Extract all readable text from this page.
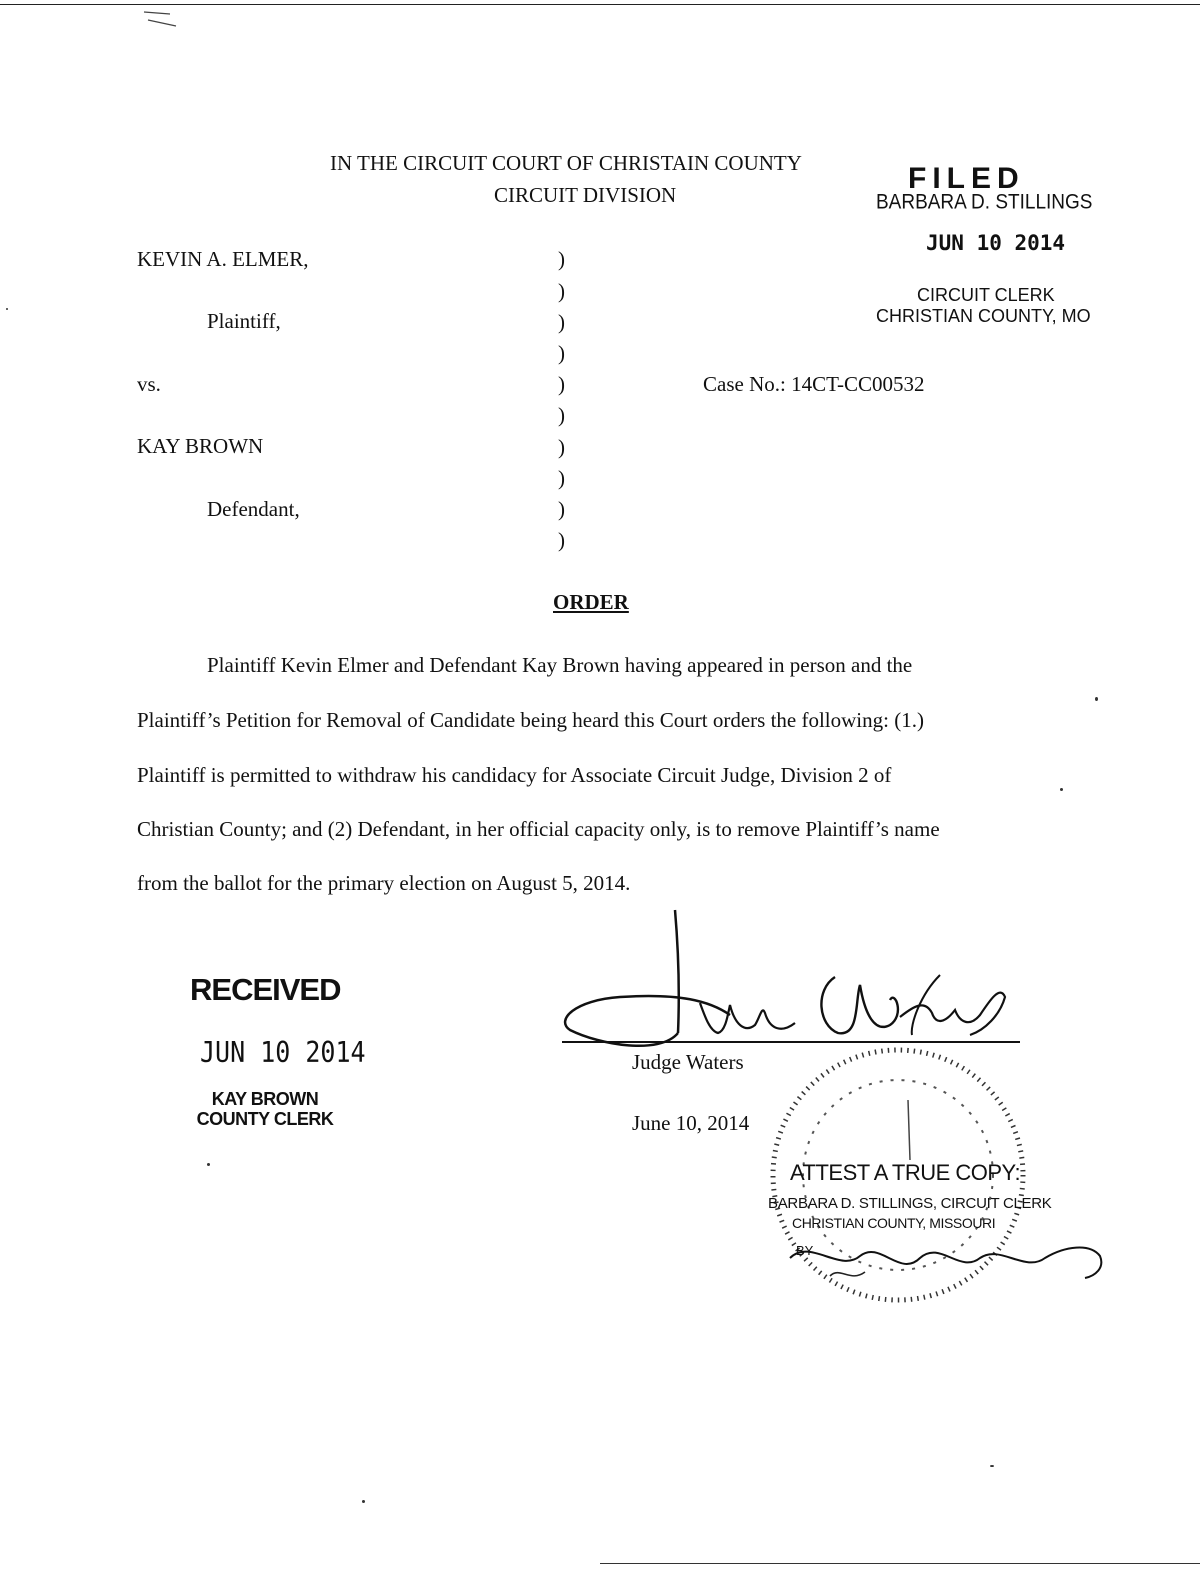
IN THE CIRCUIT COURT OF CHRISTAIN COUNTY
CIRCUIT DIVISION	FILED
BARBARA D. STILLINGS
JUN 10 2014
CIRCUIT CLERK
CHRISTIAN COUNTY, MO
KEVIN A. ELMER,
Plaintiff,
vs.
KAY BROWN
Defendant,
)
)
)
)
)
)
)
)
)
)
Case No.: 14CT-CC00532
ORDER
Plaintiff Kevin Elmer and Defendant Kay Brown having appeared in person and the
Plaintiff’s Petition for Removal of Candidate being heard this Court orders the following: (1.)
Plaintiff is permitted to withdraw his candidacy for Associate Circuit Judge, Division 2 of
Christian County; and (2) Defendant, in her official capacity only, is to remove Plaintiff’s name
from the ballot for the primary election on August 5, 2014.
RECEIVED
JUN 10 2014
KAY BROWN
COUNTY CLERK
Judge Waters
June 10, 2014
ATTEST A TRUE COPY:
BARBARA D. STILLINGS, CIRCUIT CLERK
CHRISTIAN COUNTY, MISSOURI
BY
